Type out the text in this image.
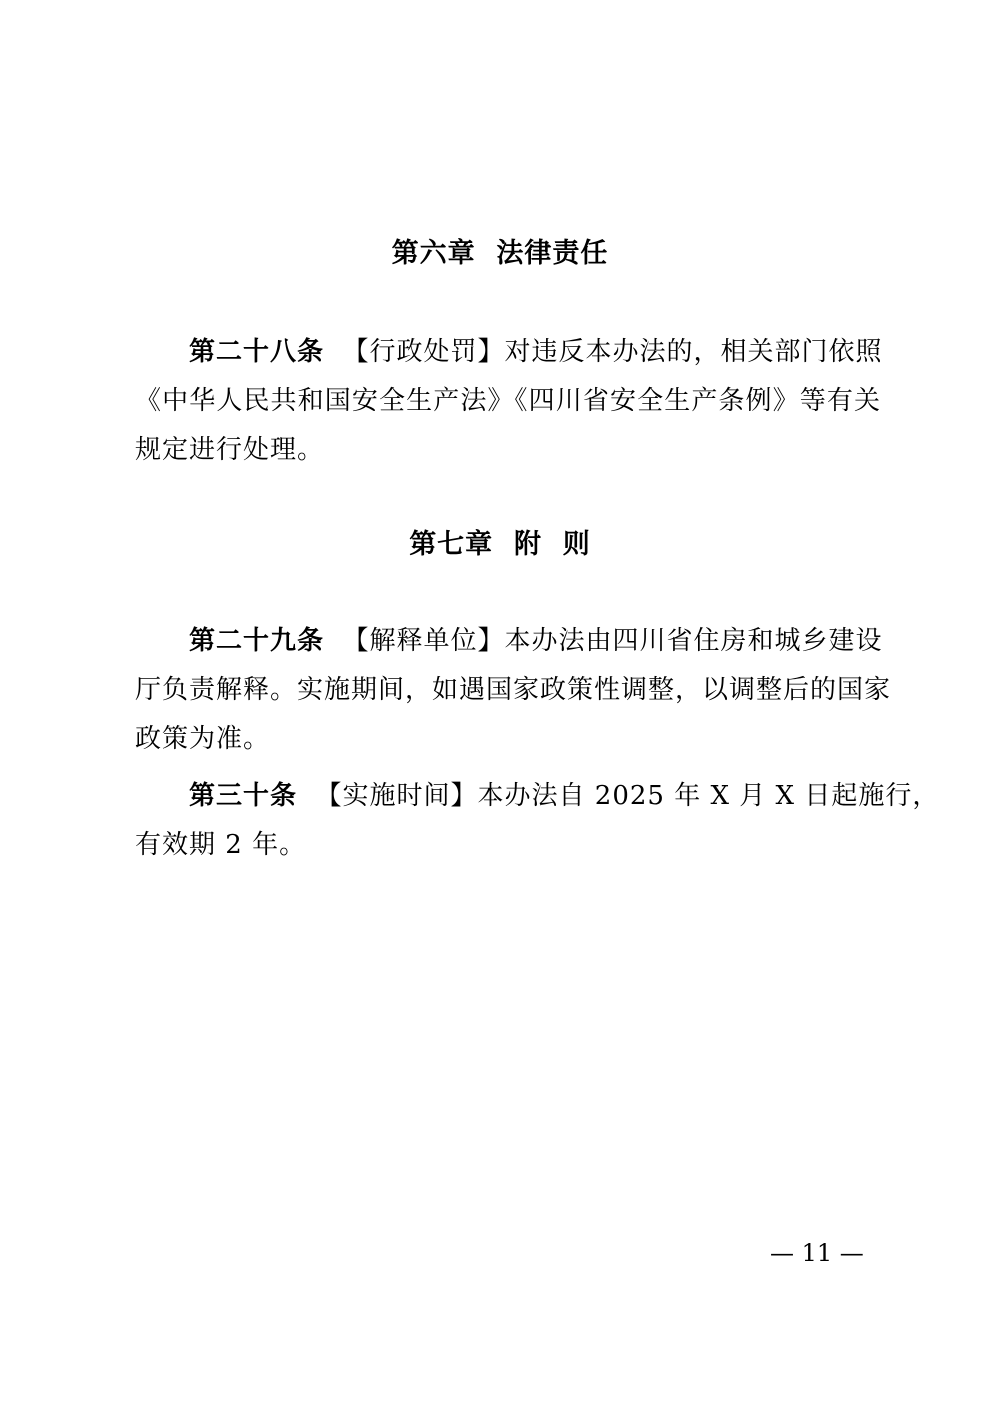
第六章  法律责任
第二十八条  【行政处罚】对违反本办法的，相关部门依照
《中华人民共和国安全生产法》《四川省安全生产条例》等有关
规定进行处理。
第七章  附  则
第二十九条  【解释单位】本办法由四川省住房和城乡建设
厅负责解释。实施期间，如遇国家政策性调整，以调整后的国家
政策为准。
第三十条  【实施时间】本办法自 2025 年 X 月 X 日起施行，
有效期 2 年。
— 11 —
